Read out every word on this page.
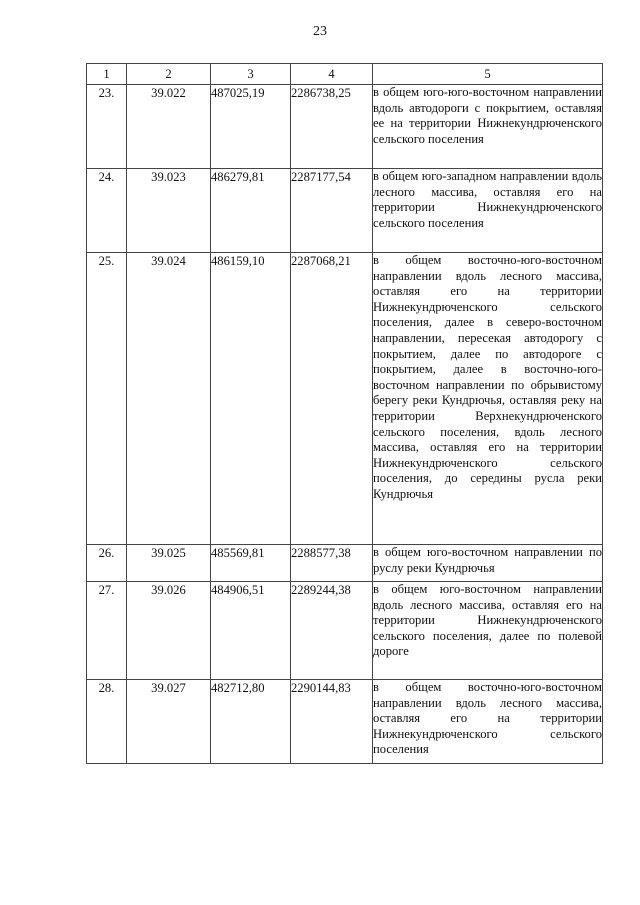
23
1	2	3	4	5
23.	39.022	487025,19	2286738,25	в общем юго-юго-восточном направлении вдоль автодороги с покрытием, оставляя ее на территории Нижнекундрюченского сельского поселения
24.	39.023	486279,81	2287177,54	в общем юго-западном направлении вдоль лесного массива, оставляя его на территории Нижнекундрюченского сельского поселения
25.	39.024	486159,10	2287068,21	в общем восточно-юго-восточном направлении вдоль лесного массива, оставляя его на территории Нижнекундрюченского сельского поселения, далее в северо-восточном направлении, пересекая автодорогу с покрытием, далее по автодороге с покрытием, далее в восточно-юго-восточном направлении по обрывистому берегу реки Кундрючья, оставляя реку на территории Верхнекундрюченского сельского поселения, вдоль лесного массива, оставляя его на территории Нижнекундрюченского сельского поселения, до середины русла реки Кундрючья
26.	39.025	485569,81	2288577,38	в общем юго-восточном направлении по руслу реки Кундрючья
27.	39.026	484906,51	2289244,38	в общем юго-восточном направлении вдоль лесного массива, оставляя его на территории Нижнекундрюченского сельского поселения, далее по полевой дороге
28.	39.027	482712,80	2290144,83	в общем восточно-юго-восточном направлении вдоль лесного массива, оставляя его на территории Нижнекундрюченского сельского поселения
